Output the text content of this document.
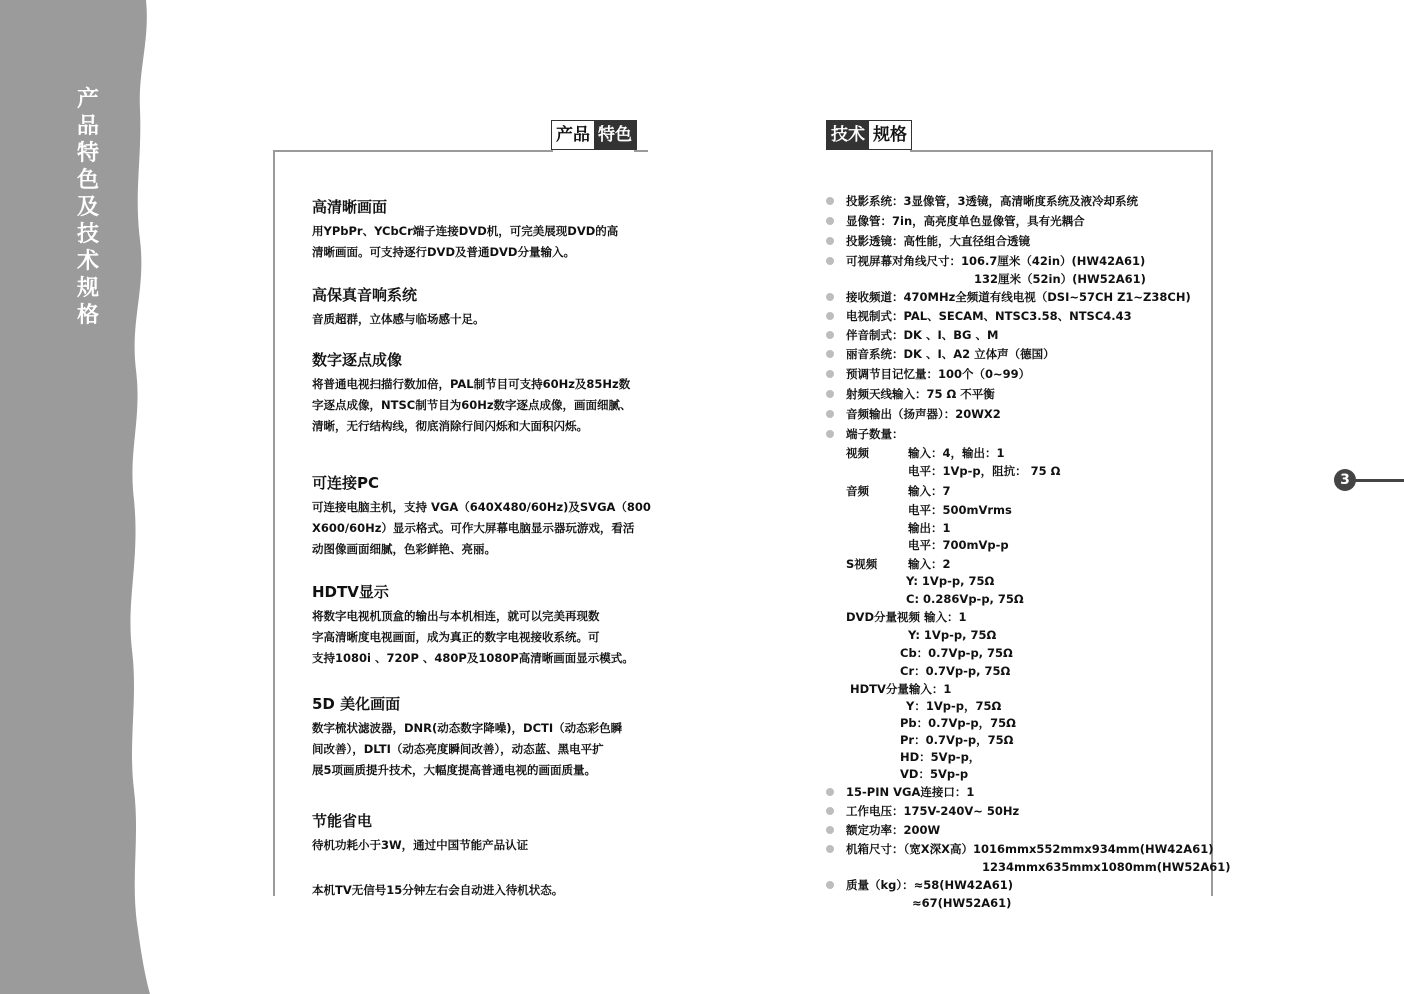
产
品
特
色
及
技
术
规
格
产品 特色	技术 规格
高清晰画面

用YPbPr、YCbCr端子连接DVD机，可完美展现DVD的高
清晰画面。可支持逐行DVD及普通DVD分量输入。

高保真音响系统

音质超群，立体感与临场感十足。

数字逐点成像

将普通电视扫描行数加倍，PAL制节目可支持60Hz及85Hz数
字逐点成像，NTSC制节目为60Hz数字逐点成像，画面细腻、
清晰，无行结构线，彻底消除行间闪烁和大面积闪烁。

可连接PC

可连接电脑主机，支持 VGA（640X480/60Hz)及SVGA（800
X600/60Hz）显示格式。可作大屏幕电脑显示器玩游戏，看活
动图像画面细腻，色彩鲜艳、亮丽。

HDTV显示

将数字电视机顶盒的输出与本机相连，就可以完美再现数
字高清晰度电视画面，成为真正的数字电视接收系统。可
支持1080i 、720P 、480P及1080P高清晰画面显示模式。

5D 美化画面

数字梳状滤波器，DNR(动态数字降噪)，DCTI（动态彩色瞬
间改善），DLTI（动态亮度瞬间改善），动态蓝、黑电平扩
展5项画质提升技术，大幅度提高普通电视的画面质量。

节能省电

待机功耗小于3W，通过中国节能产品认证

本机TV无信号15分钟左右会自动进入待机状态。

投影系统：3显像管，3透镜，高清晰度系统及液冷却系统
显像管：7in，高亮度单色显像管，具有光耦合
投影透镜：高性能，大直径组合透镜
可视屏幕对角线尺寸：106.7厘米（42in）(HW42A61)
132厘米（52in）(HW52A61)
接收频道：470MHz全频道有线电视（DSI~57CH Z1~Z38CH)
电视制式：PAL、SECAM、NTSC3.58、NTSC4.43
伴音制式：DK 、I、BG 、M
丽音系统：DK 、I、A2 立体声（德国）
预调节目记忆量：100个（0~99）
射频天线输入：75 Ω 不平衡
音频输出（扬声器）：20WX2
端子数量：
视频
电平：1Vp-p，阻抗： 75 Ω
音频
电平：500mVrms
输出：1
电平：700mVp-p
S视频
Y: 1Vp-p, 75Ω
C: 0.286Vp-p, 75Ω
DVD分量视频 输入：1
Y: 1Vp-p, 75Ω
Cb：0.7Vp-p, 75Ω
Cr：0.7Vp-p, 75Ω
HDTV分量输入：1
Y：1Vp-p，75Ω
Pb：0.7Vp-p，75Ω
Pr：0.7Vp-p，75Ω
HD：5Vp-p，
VD：5Vp-p
15-PIN VGA连接口：1
工作电压：175V-240V~ 50Hz
额定功率：200W
机箱尺寸：（宽X深X高）1016mmx552mmx934mm(HW42A61)
1234mmx635mmx1080mm(HW52A61)
质量（kg）：≈58(HW42A61)
≈67(HW52A61)
输入：4，输出：1
输入：7
输入：2
3
